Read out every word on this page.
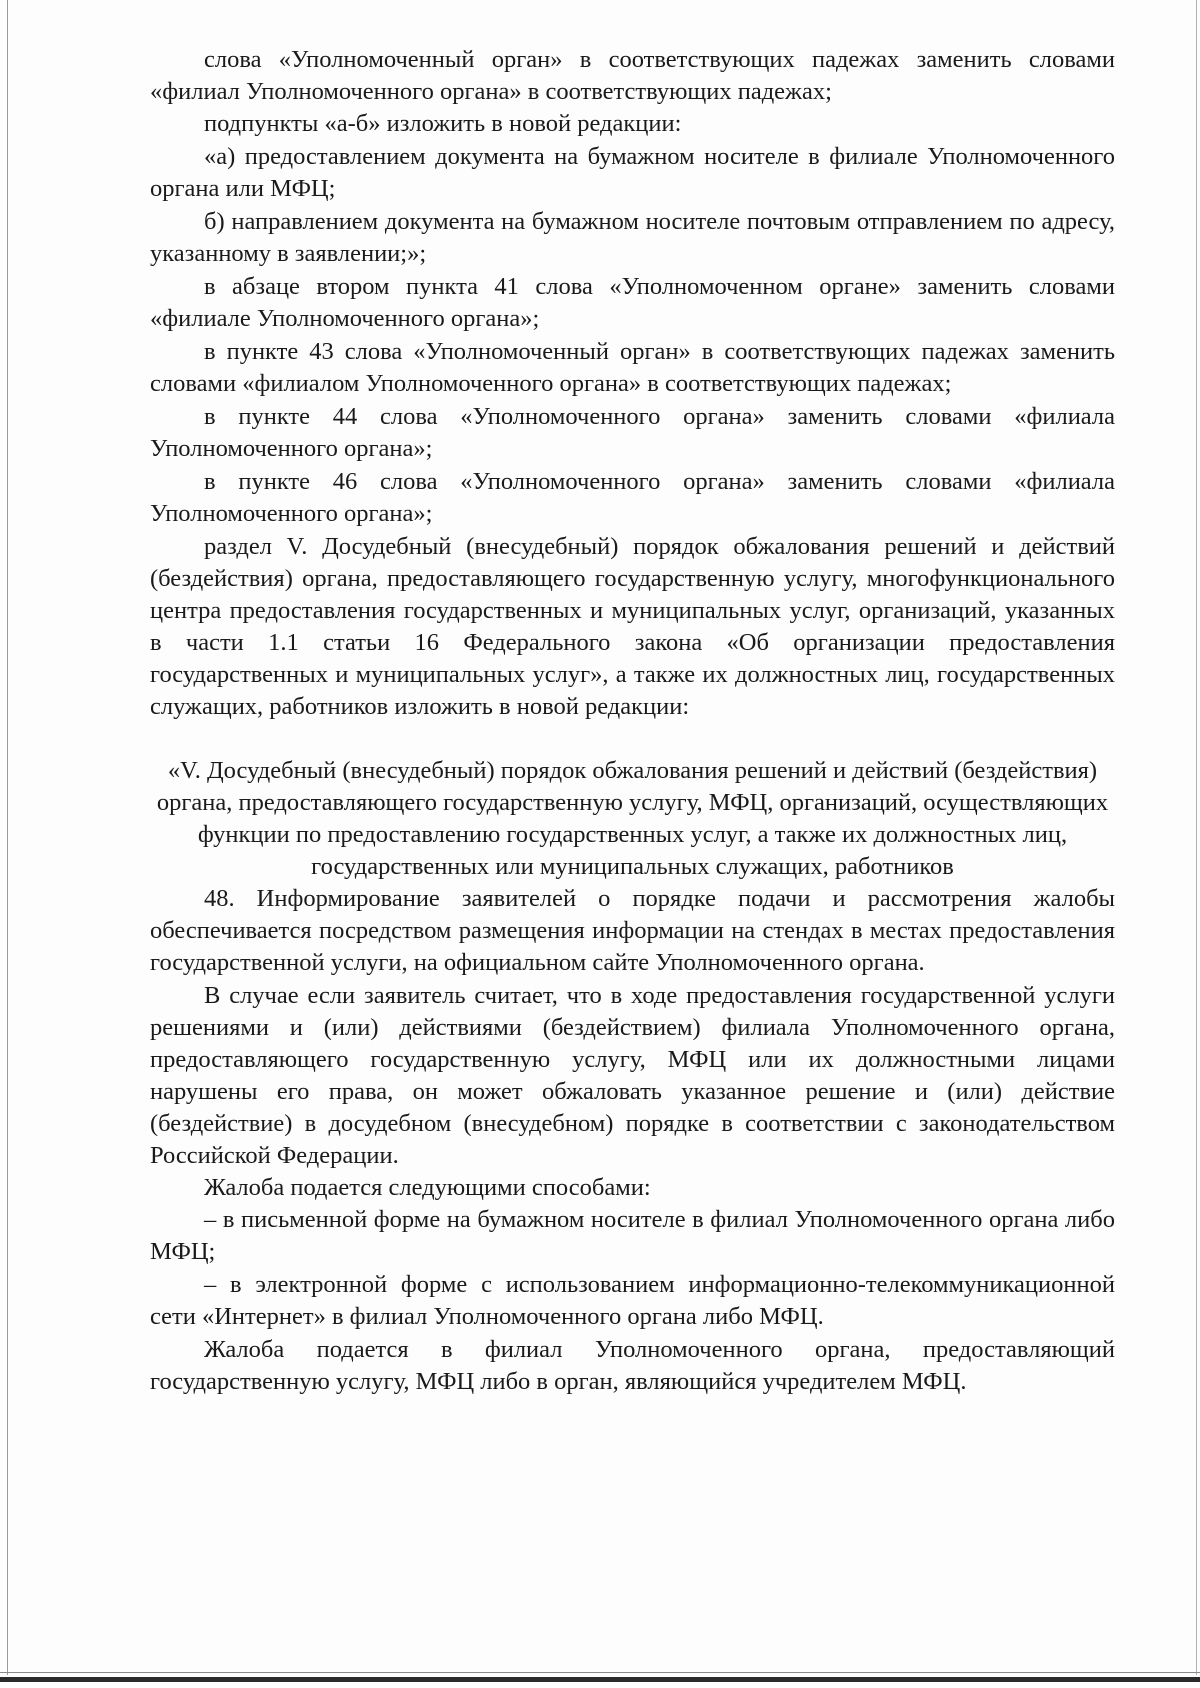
слова «Уполномоченный орган» в соответствующих падежах заменить словами «филиал Уполномоченного органа» в соответствующих падежах;

подпункты «а-б» изложить в новой редакции:

«а) предоставлением документа на бумажном носителе в филиале Уполномоченного органа или МФЦ;

б) направлением документа на бумажном носителе почтовым отправлением по адресу, указанному в заявлении;»;

в абзаце втором пункта 41 слова «Уполномоченном органе» заменить словами «филиале Уполномоченного органа»;

в пункте 43 слова «Уполномоченный орган» в соответствующих падежах заменить словами «филиалом Уполномоченного органа» в соответствующих падежах;

в пункте 44 слова «Уполномоченного органа» заменить словами «филиала Уполномоченного органа»;

в пункте 46 слова «Уполномоченного органа» заменить словами «филиала Уполномоченного органа»;

раздел V. Досудебный (внесудебный) порядок обжалования решений и действий (бездействия) органа, предоставляющего государственную услугу, многофункционального центра предоставления государственных и муниципальных услуг, организаций, указанных в части 1.1 статьи 16 Федерального закона «Об организации предоставления государственных и муниципальных услуг», а также их должностных лиц, государственных служащих, работников изложить в новой редакции:

«V. Досудебный (внесудебный) порядок обжалования решений и действий (бездействия) органа, предоставляющего государственную услугу, МФЦ, организаций, осуществляющих функции по предоставлению государственных услуг, а также их должностных лиц, государственных или муниципальных служащих, работников

48. Информирование заявителей о порядке подачи и рассмотрения жалобы обеспечивается посредством размещения информации на стендах в местах предоставления государственной услуги, на официальном сайте Уполномоченного органа.

В случае если заявитель считает, что в ходе предоставления государственной услуги решениями и (или) действиями (бездействием) филиала Уполномоченного органа, предоставляющего государственную услугу, МФЦ или их должностными лицами нарушены его права, он может обжаловать указанное решение и (или) действие (бездействие) в досудебном (внесудебном) порядке в соответствии с законодательством Российской Федерации.

Жалоба подается следующими способами:

– в письменной форме на бумажном носителе в филиал Уполномоченного органа либо МФЦ;

– в электронной форме с использованием информационно-телекоммуникационной сети «Интернет» в филиал Уполномоченного органа либо МФЦ.

Жалоба подается в филиал Уполномоченного органа, предоставляющий государственную услугу, МФЦ либо в орган, являющийся учредителем МФЦ.
